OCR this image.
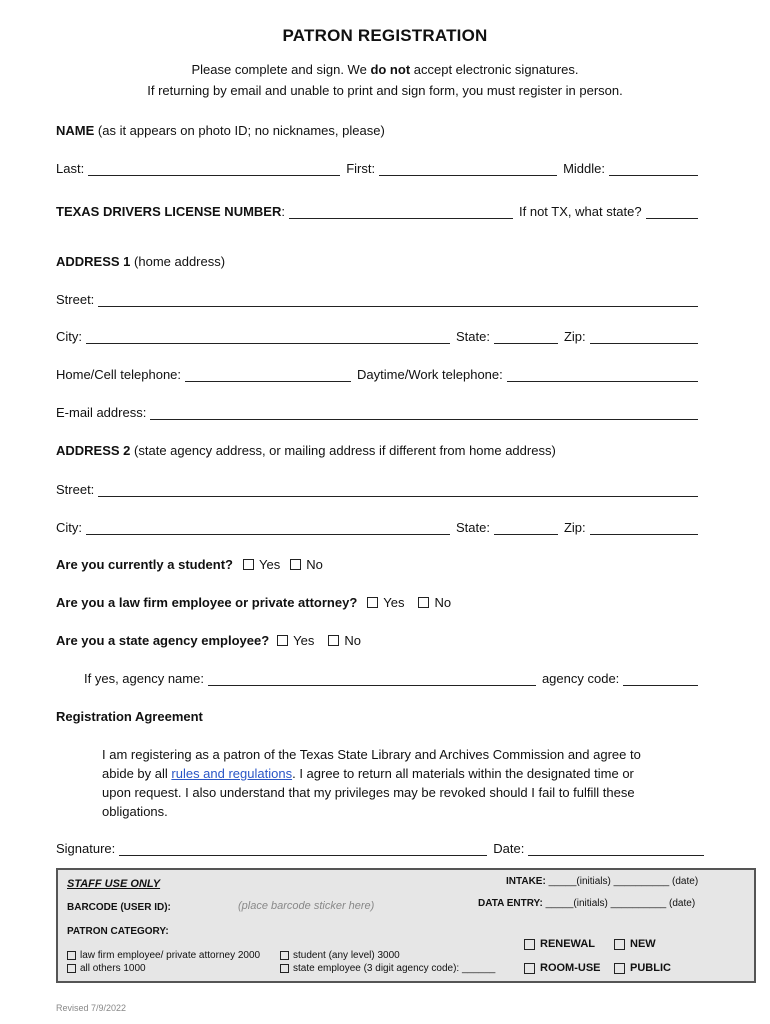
PATRON REGISTRATION
Please complete and sign. We do not accept electronic signatures.
If returning by email and unable to print and sign form, you must register in person.
NAME (as it appears on photo ID; no nicknames, please)
Last:	First:	Middle:
TEXAS DRIVERS LICENSE NUMBER :	If not TX, what state?
ADDRESS 1 (home address)
Street:
City:	State:	Zip:
Home/Cell telephone:	Daytime/Work telephone:
E-mail address:
ADDRESS 2 (state agency address, or mailing address if different from home address)
Street:
City:	State:	Zip:
Are you currently a student? Yes No
Are you a law firm employee or private attorney? Yes No
Are you a state agency employee? Yes No
If yes, agency name:	agency code:
Registration Agreement
I am registering as a patron of the Texas State Library and Archives Commission and agree to abide by all rules and regulations. I agree to return all materials within the designated time or upon request. I also understand that my privileges may be revoked should I fail to fulfill these obligations.
Signature:	Date:
STAFF USE ONLY	INTAKE: _____(initials) __________ (date)
BARCODE (USER ID):	(place barcode sticker here)	DATA ENTRY: _____(initials) __________ (date)
PATRON CATEGORY:
law firm employee/ private attorney 2000
all others 1000
student (any level) 3000
state employee (3 digit agency code): ______
RENEWAL	NEW
ROOM-USE	PUBLIC
Revised 7/9/2022
